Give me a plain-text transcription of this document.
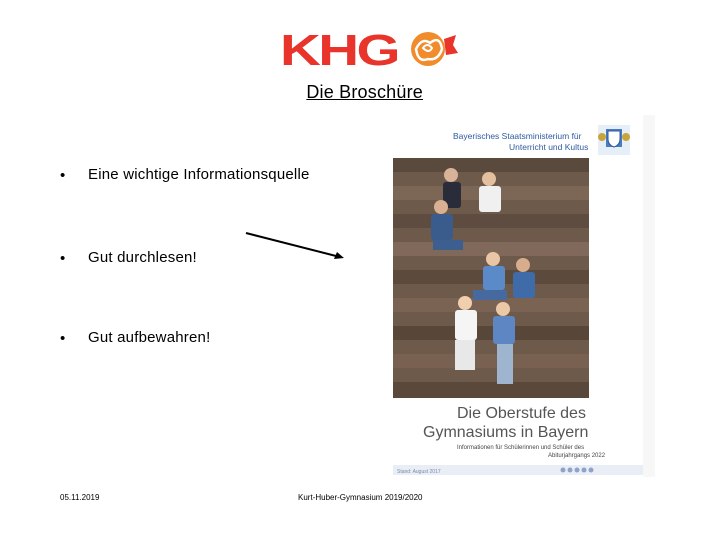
KHG
Die Broschüre
• Eine wichtige Informationsquelle
• Gut durchlesen!
• Gut aufbewahren!
Bayerisches Staatsministerium für
Unterricht und Kultus
Die Oberstufe des
Gymnasiums in Bayern
Informationen für Schülerinnen und Schüler des
Abiturjahrgangs 2022
Stand: August 2017
05.11.2019	Kurt-Huber-Gymnasium 2019/2020
